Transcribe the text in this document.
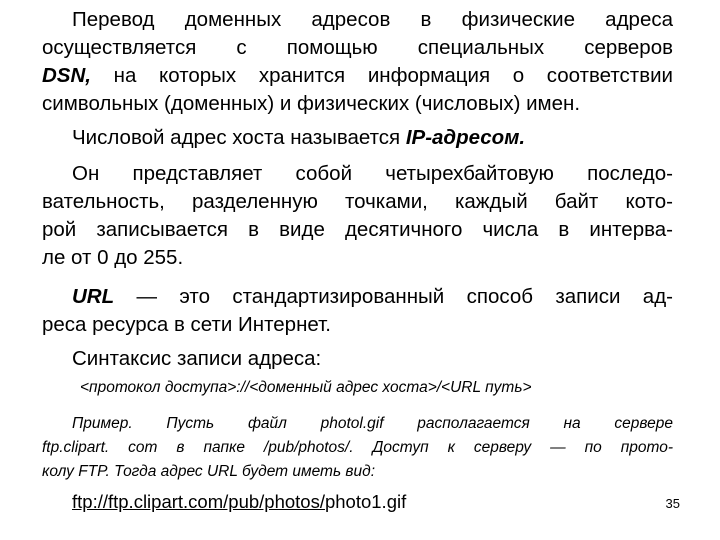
Перевод доменных адресов в физические адреса
осуществляется с помощью специальных серверов
DSN, на которых хранится информация о соответствии
символьных (доменных) и физических (числовых) имен.
Числовой адрес хоста называется IP-адресом.
Он представляет собой четырехбайтовую последо-
вательность, разделенную точками, каждый байт кото-
рой записывается в виде десятичного числа в интерва-
ле от 0 до 255.
URL — это стандартизированный способ записи ад-
реса ресурса в сети Интернет.
Синтаксис записи адреса:
<протокол доступа>://<доменный адрес хоста>/<URL путь>
Пример. Пусть файл photol.gif располагается на сервере
ftp.clipart. com в папке /pub/photos/. Доступ к серверу — по прото-
колу FTP. Тогда адрес URL будет иметь вид:
ftp://ftp.clipart.com/pub/photos/photo1.gif	35
